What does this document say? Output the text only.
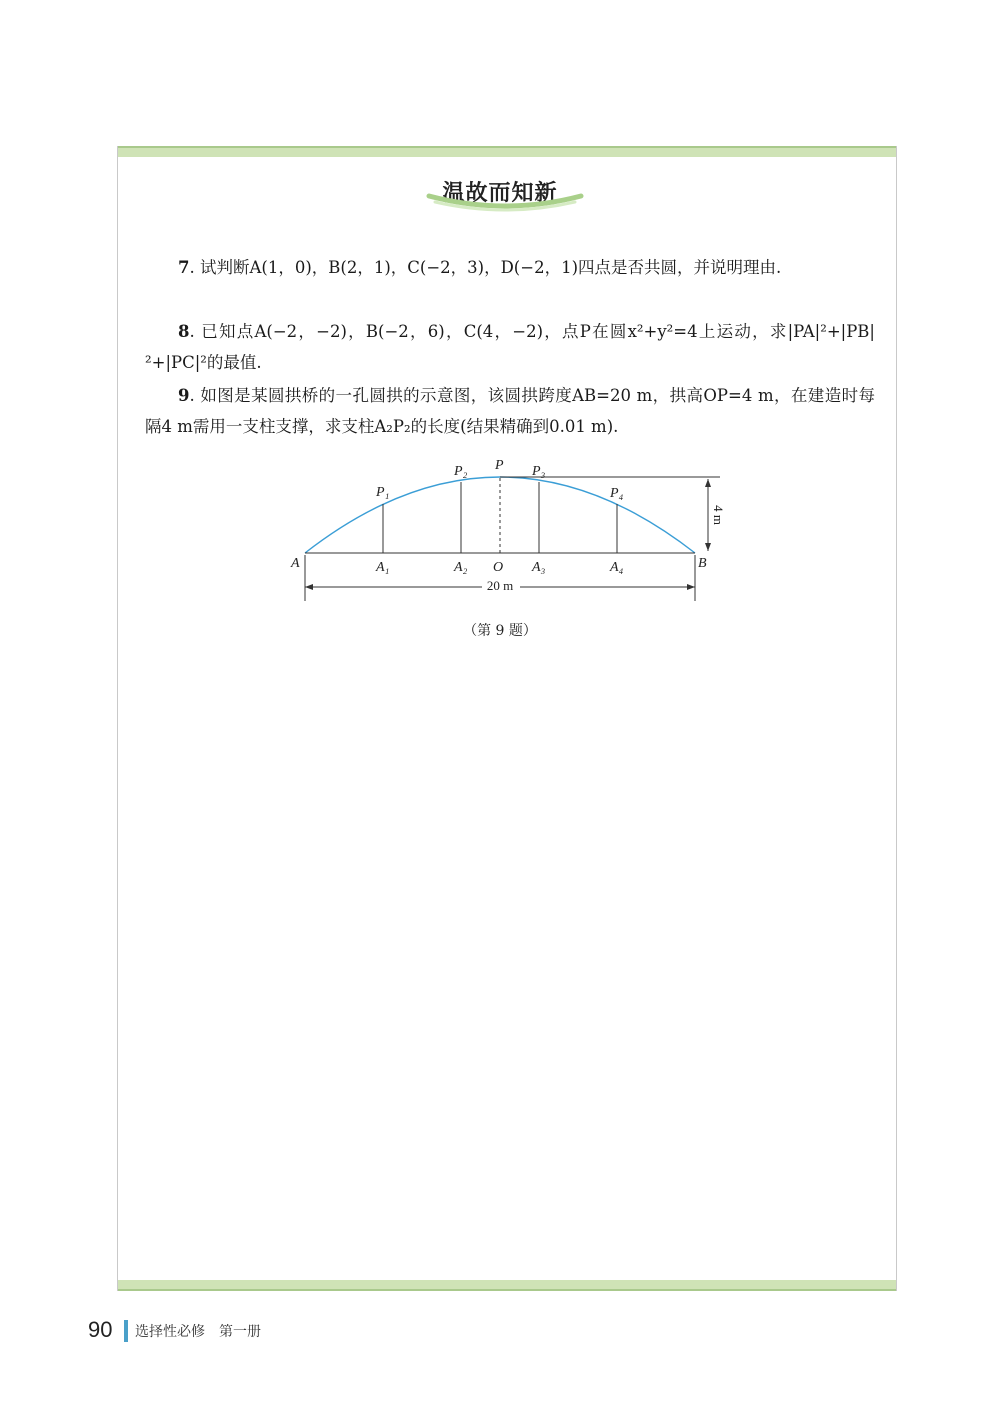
温故而知新

7. 试判断A(1，0)，B(2，1)，C(−2，3)，D(−2，1)四点是否共圆，并说明理由.

8. 已知点A(−2，−2)，B(−2，6)，C(4，−2)，点P在圆x²+y²=4上运动，求|PA|²+|PB|²+|PC|²的最值.

9. 如图是某圆拱桥的一孔圆拱的示意图，该圆拱跨度AB=20 m，拱高OP=4 m，在建造时每隔4 m需用一支柱支撑，求支柱A₂P₂的长度(结果精确到0.01 m).

4 m
20 m
A	B
O
P
P₁
P₂	P₃
P₄
A₁	A₂	A₃	A₄
（第 9 题）
90 选择性必修　第一册
